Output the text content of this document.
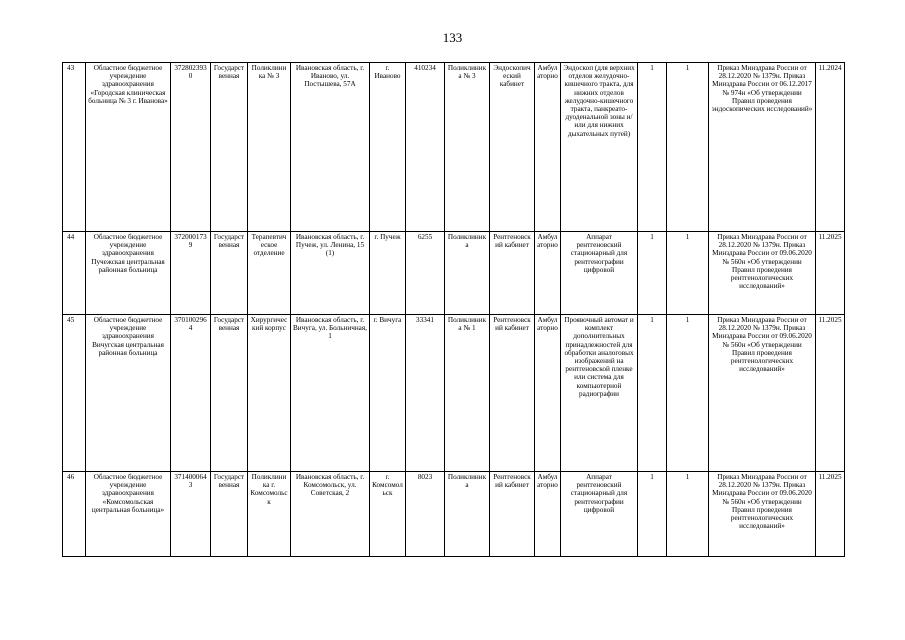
133
43	Областное бюджетное учреждение здравоохранения «Городская клиническая больница № 3 г. Иванова»	3728023930	Государственная	Поликлиника № 3	Ивановская область, г. Иваново, ул. Постышева, 57А	г. Иваново	410234	Поликлиника № 3	Эндоскопический кабинет	Амбулаторно	Эндоскоп (для верхних отделов желудочно-кишечного тракта, для нижних отделов желудочно-кишечного тракта, панкреато-дуоденальной зоны и/или для нижних дыхательных путей)	1	1	Приказ Минздрава России от 28.12.2020 № 1379н. Приказ Минздрава России от 06.12.2017 № 974н «Об утверждении Правил проведения эндоскопических исследований»	11.2024
44	Областное бюджетное учреждение здравоохранения Пучежская центральная районная больница	3720001739	Государственная	Терапевтическое отделение	Ивановская область, г. Пучеж, ул. Ленина, 15 (1)	г. Пучеж	6255	Поликлиника	Рентгеновский кабинет	Амбулаторно	Аппарат рентгеновский стационарный для рентгенографии цифровой	1	1	Приказ Минздрава России от 28.12.2020 № 1379н. Приказ Минздрава России от 09.06.2020 № 560н «Об утверждении Правил проведения рентгенологических исследований»	11.2025
45	Областное бюджетное учреждение здравоохранения Вичугская центральная районная больница	3701002964	Государственная	Хирургический корпус	Ивановская область, г. Вичуга, ул. Больничная, 1	г. Вичуга	33341	Поликлиника № 1	Рентгеновский кабинет	Амбулаторно	Проявочный автомат и комплект дополнительных принадлежностей для обработки аналоговых изображений на рентгеновской пленке или система для компьютерной радиографии	1	1	Приказ Минздрава России от 28.12.2020 № 1379н. Приказ Минздрава России от 09.06.2020 № 560н «Об утверждении Правил проведения рентгенологических исследований»	11.2025
46	Областное бюджетное учреждение здравоохранения «Комсомольская центральная больница»	3714000643	Государственная	Поликлиника г. Комсомольск	Ивановская область, г. Комсомольск, ул. Советская, 2	г. Комсомольск	8023	Поликлиника	Рентгеновский кабинет	Амбулаторно	Аппарат рентгеновский стационарный для рентгенографии цифровой	1	1	Приказ Минздрава России от 28.12.2020 № 1379н. Приказ Минздрава России от 09.06.2020 № 560н «Об утверждении Правил проведения рентгенологических исследований»	11.2025
